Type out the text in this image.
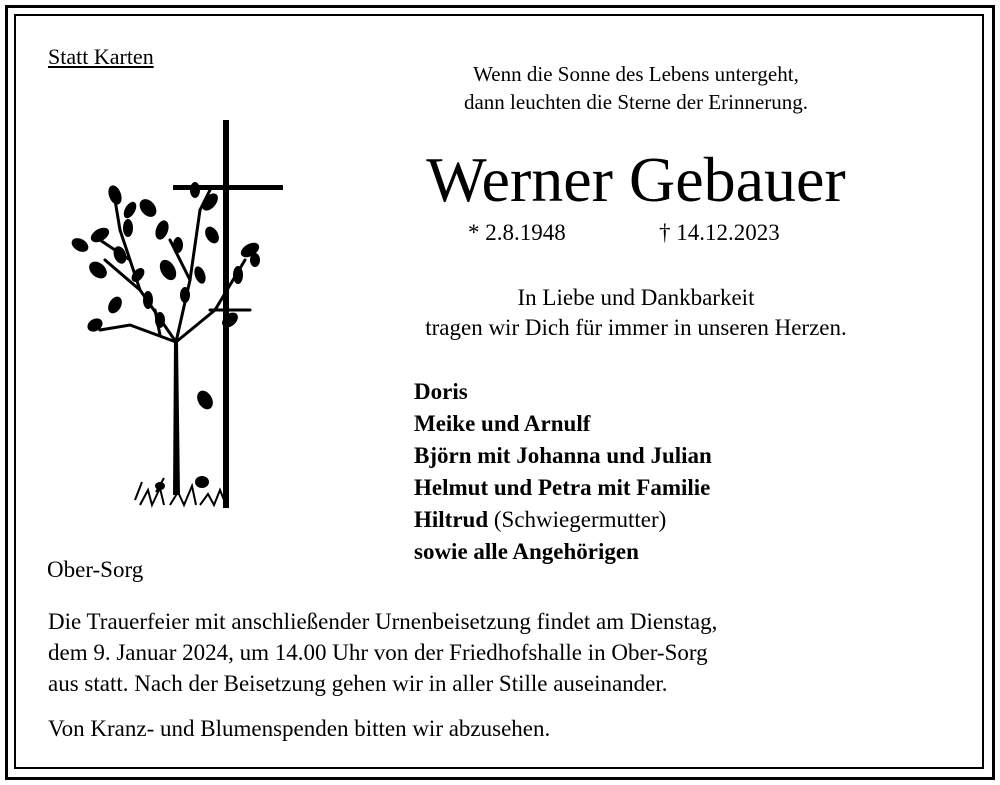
Statt Karten
Wenn die Sonne des Lebens untergeht,
dann leuchten die Sterne der Erinnerung.
Werner Gebauer
* 2.8.1948	† 14.12.2023
In Liebe und Dankbarkeit
tragen wir Dich für immer in unseren Herzen.
Doris
Meike und Arnulf
Björn mit Johanna und Julian
Helmut und Petra mit Familie
Hiltrud (Schwiegermutter)
sowie alle Angehörigen
Ober-Sorg
Die Trauerfeier mit anschließender Urnenbeisetzung findet am Dienstag,
dem 9. Januar 2024, um 14.00 Uhr von der Friedhofshalle in Ober-Sorg
aus statt. Nach der Beisetzung gehen wir in aller Stille auseinander.
Von Kranz- und Blumenspenden bitten wir abzusehen.
